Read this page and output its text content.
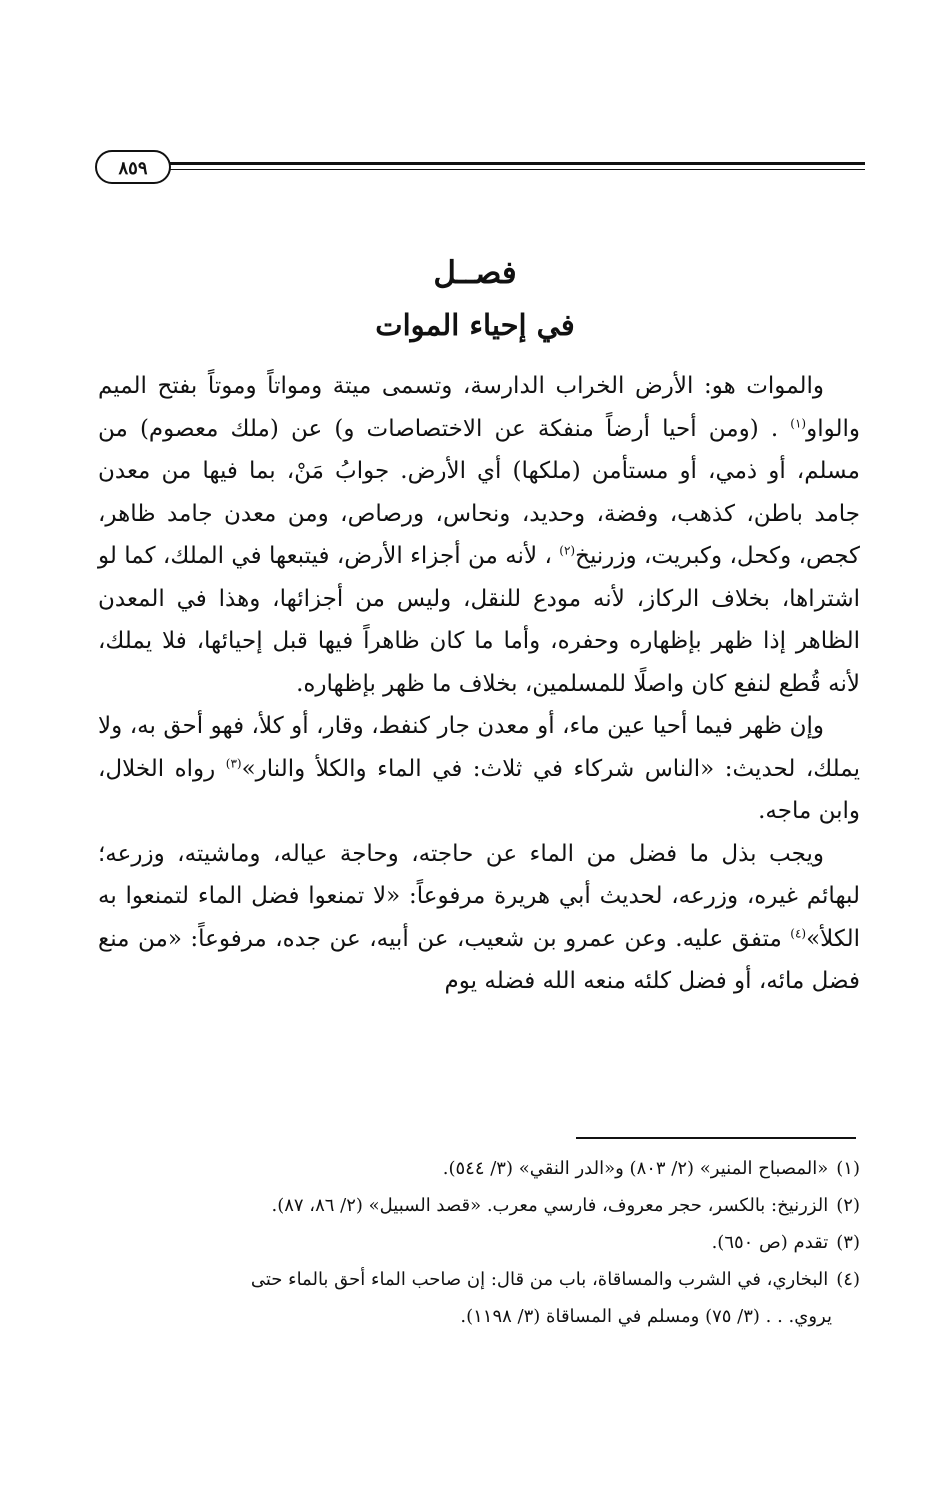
٨٥٩
فصــل
في إحياء الموات

والموات هو: الأرض الخراب الدارسة، وتسمى ميتة ومواتاً وموتاً بفتح الميم والواو$^{(١)}$ . (ومن أحيا أرضاً منفكة عن الاختصاصات و) عن (ملك معصوم) من مسلم، أو ذمي، أو مستأمن (ملكها) أي الأرض. جوابُ مَنْ، بما فيها من معدن جامد باطن، كذهب، وفضة، وحديد، ونحاس، ورصاص، ومن معدن جامد ظاهر، كجص، وكحل، وكبريت، وزرنيخ$^{(٢)}$ ، لأنه من أجزاء الأرض، فيتبعها في الملك، كما لو اشتراها، بخلاف الركاز، لأنه مودع للنقل، وليس من أجزائها، وهذا في المعدن الظاهر إذا ظهر بإظهاره وحفره، وأما ما كان ظاهراً فيها قبل إحيائها، فلا يملك، لأنه قُطع لنفع كان واصلًا للمسلمين، بخلاف ما ظهر بإظهاره.

وإن ظهر فيما أحيا عين ماء، أو معدن جار كنفط، وقار، أو كلأ، فهو أحق به، ولا يملك، لحديث: «الناس شركاء في ثلاث: في الماء والكلأ والنار»$^{(٣)}$ رواه الخلال، وابن ماجه.

ويجب بذل ما فضل من الماء عن حاجته، وحاجة عياله، وماشيته، وزرعه؛ لبهائم غيره، وزرعه، لحديث أبي هريرة مرفوعاً: «لا تمنعوا فضل الماء لتمنعوا به الكلأ»$^{(٤)}$ متفق عليه. وعن عمرو بن شعيب، عن أبيه، عن جده، مرفوعاً: «من منع فضل مائه، أو فضل كلئه منعه الله فضله يوم

(١)«المصباح المنير» (٢/ ٨٠٣) و«الدر النقي» (٣/ ٥٤٤).

(٢)الزرنيخ: بالكسر، حجر معروف، فارسي معرب. «قصد السبيل» (٢/ ٨٦، ٨٧).

(٣)تقدم (ص ٦٥٠).

(٤)البخاري، في الشرب والمساقاة، باب من قال: إن صاحب الماء أحق بالماء حتى

يروي. . . (٣/ ٧٥) ومسلم في المساقاة (٣/ ١١٩٨).
